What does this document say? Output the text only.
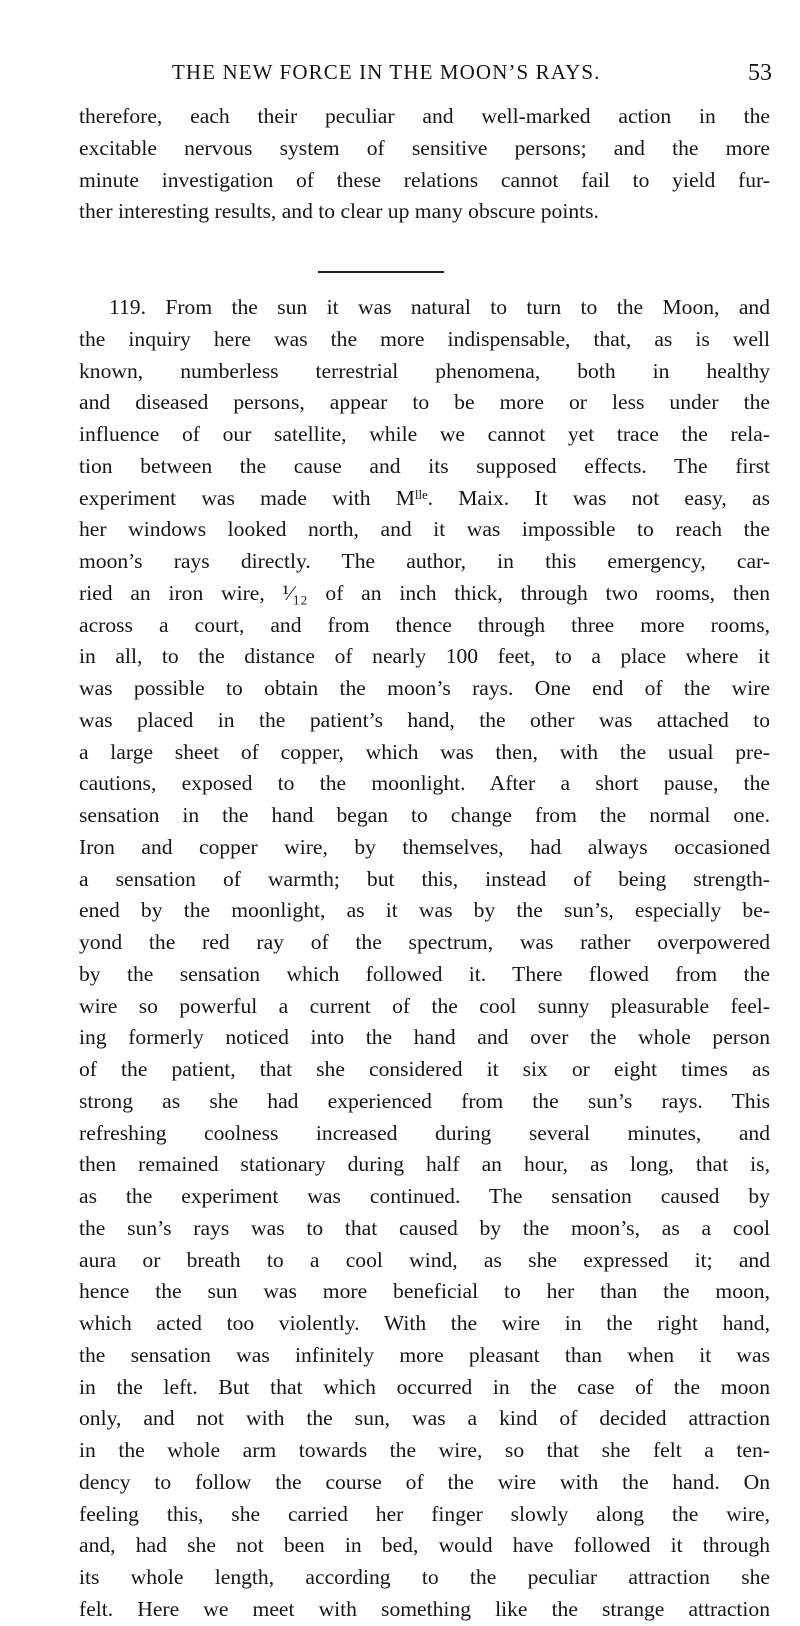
THE NEW FORCE IN THE MOON’S RAYS.	53
therefore, each their peculiar and well-marked action in the
excitable nervous system of sensitive persons; and the more
minute investigation of these relations cannot fail to yield fur-
ther interesting results, and to clear up many obscure points.
119. From the sun it was natural to turn to the Moon, and
the inquiry here was the more indispensable, that, as is well
known, numberless terrestrial phenomena, both in healthy
and diseased persons, appear to be more or less under the
influence of our satellite, while we cannot yet trace the rela-
tion between the cause and its supposed effects. The first
experiment was made with Mˡˡᵉ. Maix. It was not easy, as
her windows looked north, and it was impossible to reach the
moon’s rays directly. The author, in this emergency, car-
ried an iron wire, ¹⁄₁₂ of an inch thick, through two rooms, then
across a court, and from thence through three more rooms,
in all, to the distance of nearly 100 feet, to a place where it
was possible to obtain the moon’s rays. One end of the wire
was placed in the patient’s hand, the other was attached to
a large sheet of copper, which was then, with the usual pre-
cautions, exposed to the moonlight. After a short pause, the
sensation in the hand began to change from the normal one.
Iron and copper wire, by themselves, had always occasioned
a sensation of warmth; but this, instead of being strength-
ened by the moonlight, as it was by the sun’s, especially be-
yond the red ray of the spectrum, was rather overpowered
by the sensation which followed it. There flowed from the
wire so powerful a current of the cool sunny pleasurable feel-
ing formerly noticed into the hand and over the whole person
of the patient, that she considered it six or eight times as
strong as she had experienced from the sun’s rays. This
refreshing coolness increased during several minutes, and
then remained stationary during half an hour, as long, that is,
as the experiment was continued. The sensation caused by
the sun’s rays was to that caused by the moon’s, as a cool
aura or breath to a cool wind, as she expressed it; and
hence the sun was more beneficial to her than the moon,
which acted too violently. With the wire in the right hand,
the sensation was infinitely more pleasant than when it was
in the left. But that which occurred in the case of the moon
only, and not with the sun, was a kind of decided attraction
in the whole arm towards the wire, so that she felt a ten-
dency to follow the course of the wire with the hand. On
feeling this, she carried her finger slowly along the wire,
and, had she not been in bed, would have followed it through
its whole length, according to the peculiar attraction she
felt. Here we meet with something like the strange attraction
